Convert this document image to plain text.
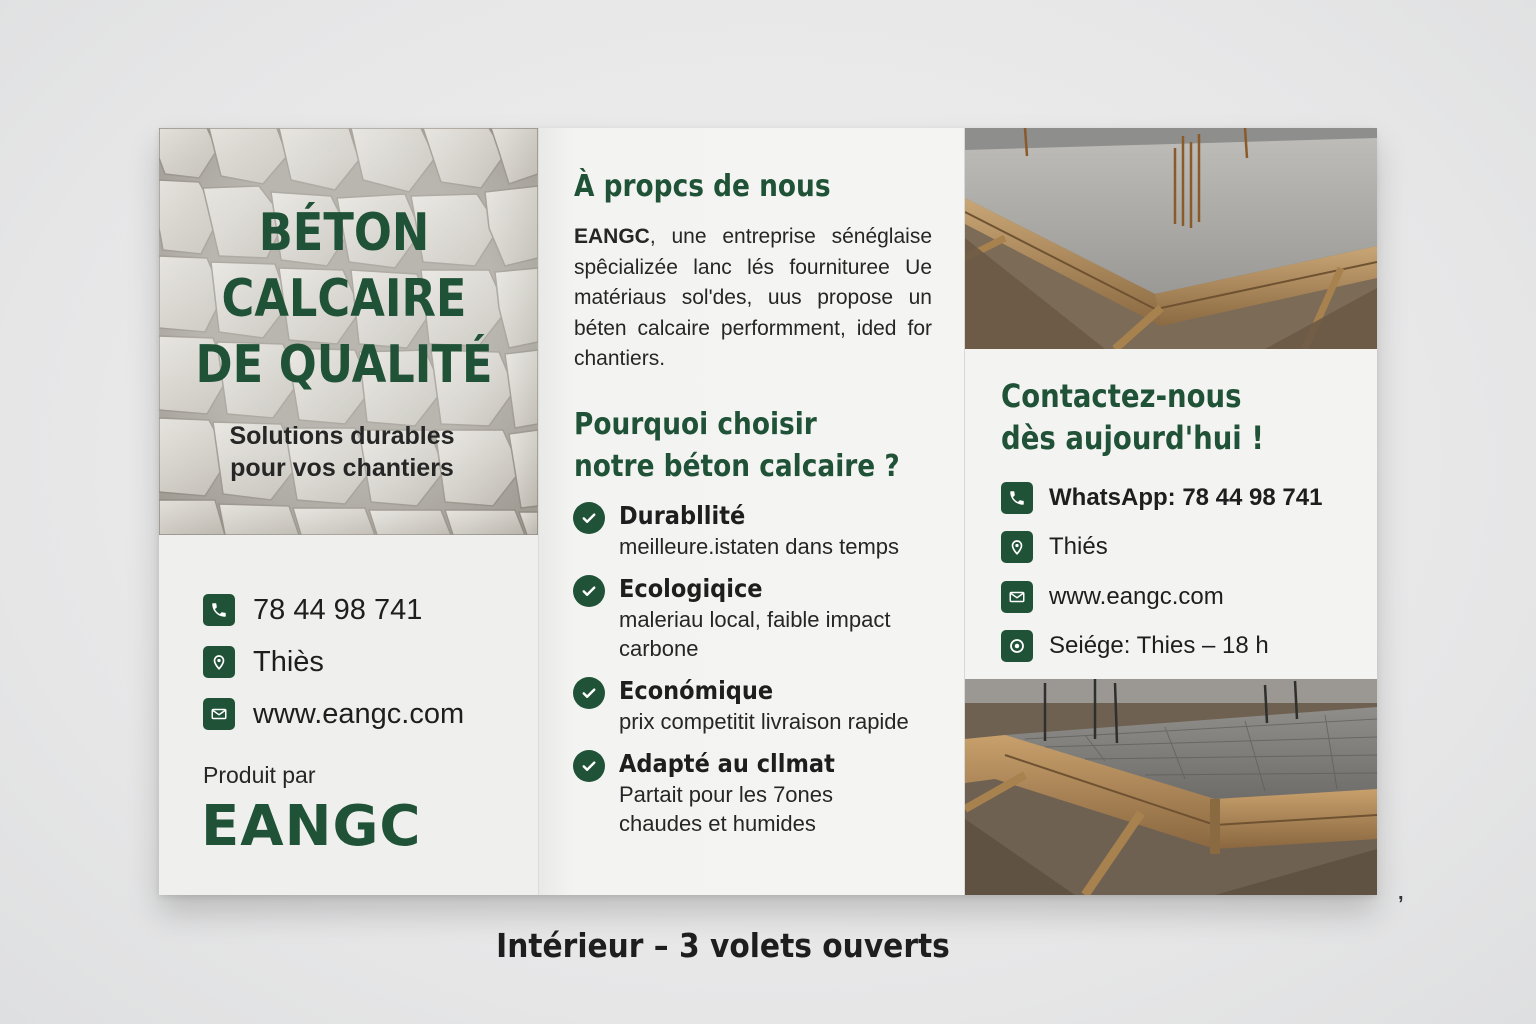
BÉTON
CALCAIRE
DE QUALITÉ
Solutions durables
pour vos chantiers
78 44 98 741
Thiès
www.eangc.com
Produit par
EANGC
À propcs de nous
EANGC, une entreprise sénéglaise spêcializée lanc lés fournituree Ue matériaus sol'des, uus propose un béten calcaire performment, ided for chantiers.
Pourquoi choisir
notre béton calcaire ?
Durabllité
meilleure.istaten dans temps
Ecologiqice
maleriau local, faible impact carbone
Económique
prix competitit livraison rapide
Adapté au cllmat
Partait pour les 7ones chaudes et humides
Contactez-nous
dès aujourd'hui !
WhatsApp: 78 44 98 741
Thiés
www.eangc.com
Seiége: Thies – 18 h
Intérieur – 3 volets ouverts
,
